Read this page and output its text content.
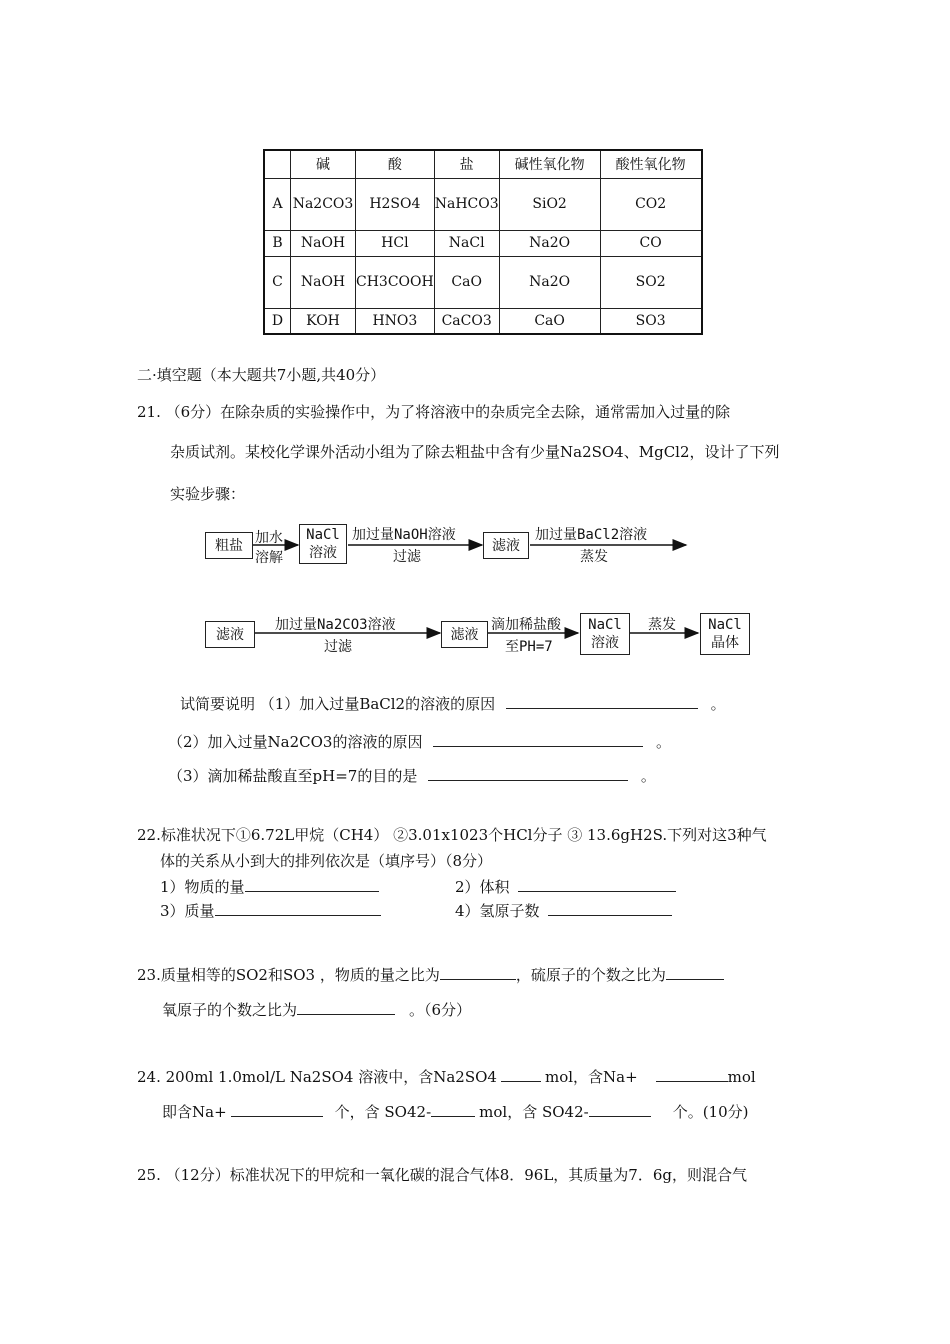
	碱	酸	盐	碱性氧化物	酸性氧化物
A	Na2CO3	H2SO4	NaHCO3	SiO2	CO2
B	NaOH	HCl	NaCl	Na2O	CO
C	NaOH	CH3COOH	CaO	Na2O	SO2
D	KOH	HNO3	CaCO3	CaO	SO3
二·填空题（本大题共7小题,共40分）
21. （6分）在除杂质的实验操作中，为了将溶液中的杂质完全去除，通常需加入过量的除
杂质试剂。某校化学课外活动小组为了除去粗盐中含有少量Na2SO4、MgCl2，设计了下列
实验步骤：
粗盐 加水
溶解
NaCl
溶液
加过量NaOH溶液
过滤
滤液
加过量BaCl2溶液
蒸发
滤液
加过量Na2CO3溶液
过滤
滤液
滴加稀盐酸
至PH=7
NaCl
溶液
蒸发 NaCl
晶体
试简要说明 （1）加入过量BaCl2的溶液的原因	。
（2）加入过量Na2CO3的溶液的原因	。
（3）滴加稀盐酸直至pH=7的目的是	。
22.标准状况下①6.72L甲烷（CH4） ②3.01x1023个HCl分子 ③ 13.6gH2S.下列对这3种气
体的关系从小到大的排列依次是（填序号）（8分）
1）物质的量	2）体积
3）质量	4）氢原子数
23.质量相等的SO2和SO3 ，物质的量之比为	，硫原子的个数之比为
氧原子的个数之比为	。（6分）
24. 200ml 1.0mol/L Na2SO4 溶液中，含Na2SO4	mol，含Na+	mol
即含Na+	个，含 SO42-	mol，含 SO42-	个。(10分)
25. （12分）标准状况下的甲烷和一氧化碳的混合气体8．96L，其质量为7．6g，则混合气
